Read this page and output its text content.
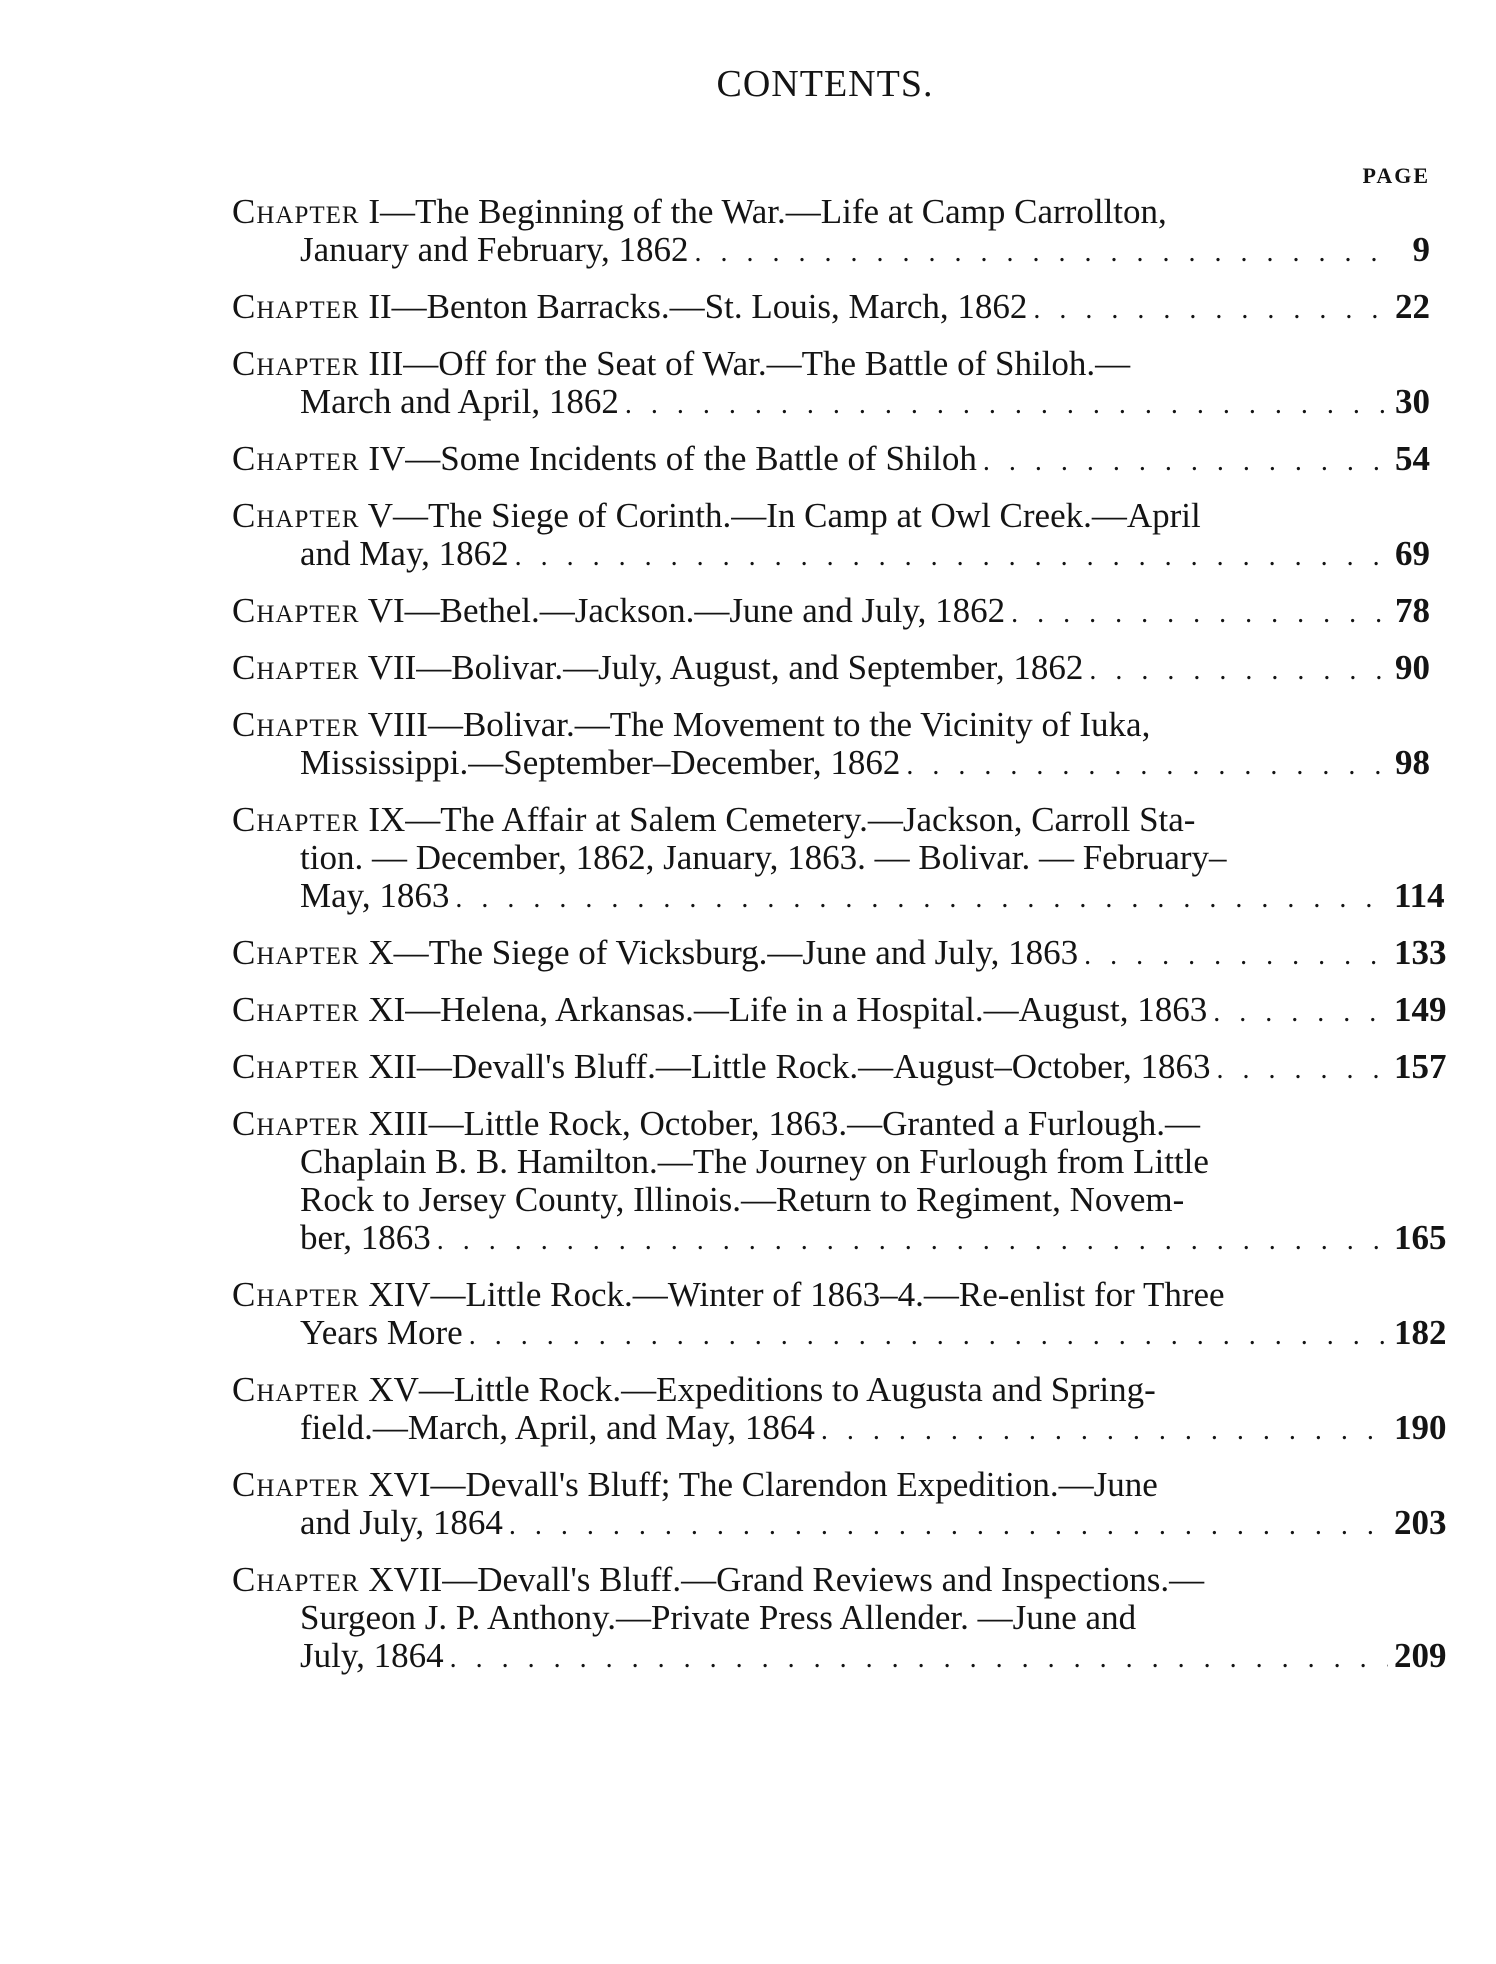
CONTENTS.
PAGE
Chapter I—The Beginning of the War.—Life at Camp Carrollton,
January and February, 1862 . . .	9
Chapter II—Benton Barracks.—St. Louis, March, 1862 . . .	22
Chapter III—Off for the Seat of War.—The Battle of Shiloh.—
March and April, 1862 . . .	30
Chapter IV—Some Incidents of the Battle of Shiloh . . .	54
Chapter V—The Siege of Corinth.—In Camp at Owl Creek.—April
and May, 1862 . . .	69
Chapter VI—Bethel.—Jackson.—June and July, 1862 . . .	78
Chapter VII—Bolivar.—July, August, and September, 1862 . . .	90
Chapter VIII—Bolivar.—The Movement to the Vicinity of Iuka,
Mississippi.—September–December, 1862 . . .	98
Chapter IX—The Affair at Salem Cemetery.—Jackson, Carroll Sta-
tion. — December, 1862, January, 1863. — Bolivar. — February–
May, 1863 . . .	114
Chapter X—The Siege of Vicksburg.—June and July, 1863 . . .	133
Chapter XI—Helena, Arkansas.—Life in a Hospital.—August, 1863 . . .	149
Chapter XII—Devall's Bluff.—Little Rock.—August–October, 1863 . . .	157
Chapter XIII—Little Rock, October, 1863.—Granted a Furlough.—
Chaplain B. B. Hamilton.—The Journey on Furlough from Little
Rock to Jersey County, Illinois.—Return to Regiment, Novem-
ber, 1863 . . .	165
Chapter XIV—Little Rock.—Winter of 1863–4.—Re-enlist for Three
Years More . . .	182
Chapter XV—Little Rock.—Expeditions to Augusta and Spring-
field.—March, April, and May, 1864 . . .	190
Chapter XVI—Devall's Bluff; The Clarendon Expedition.—June
and July, 1864 . . .	203
Chapter XVII—Devall's Bluff.—Grand Reviews and Inspections.—
Surgeon J. P. Anthony.—Private Press Allender. —June and
July, 1864 . . .	209
